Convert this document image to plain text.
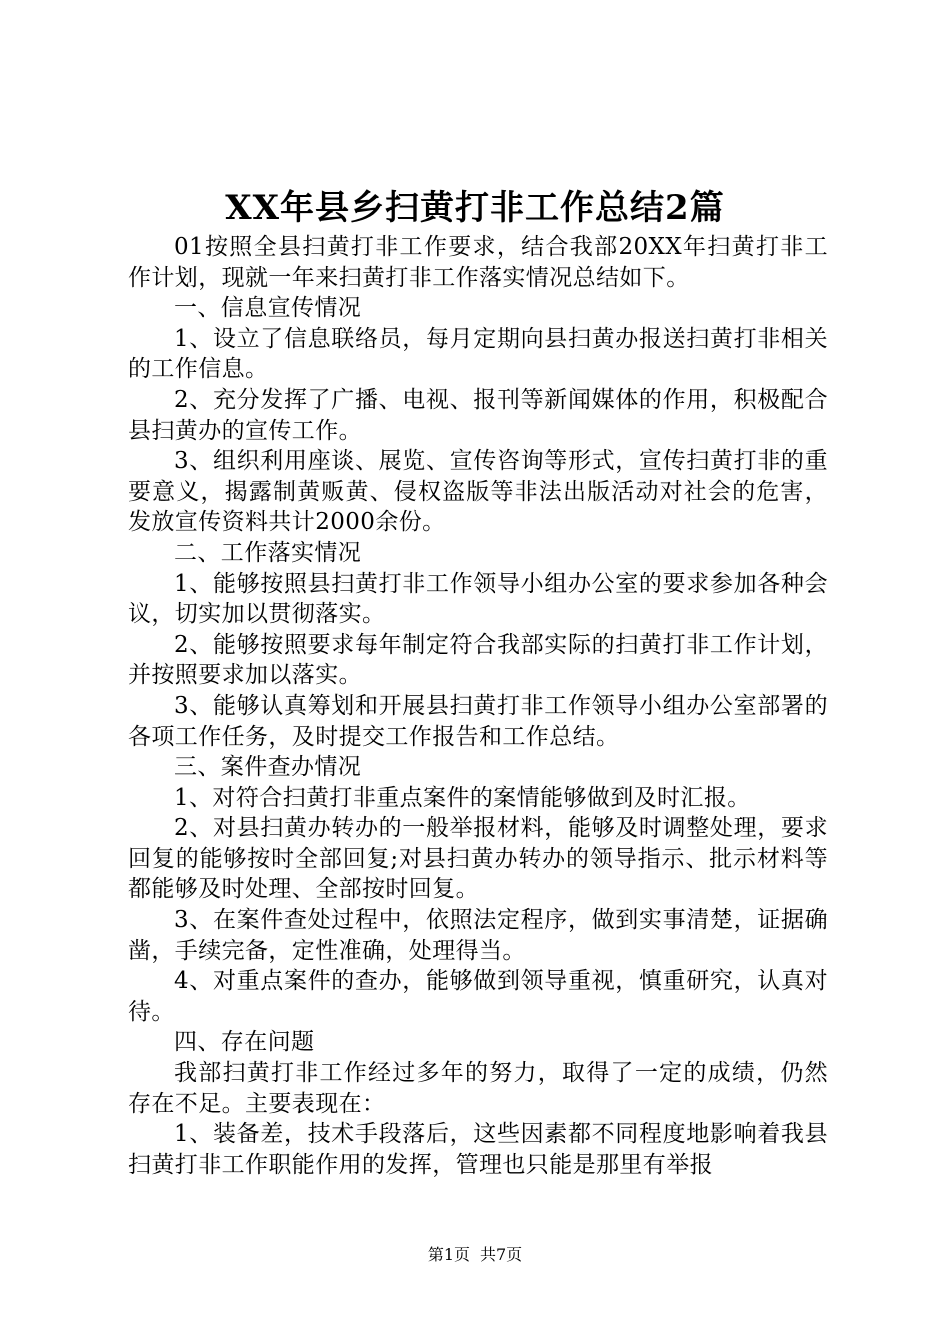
XX年县乡扫黄打非工作总结2篇

01按照全县扫黄打非工作要求，结合我部20XX年扫黄打非工作计划，现就一年来扫黄打非工作落实情况总结如下。

一、信息宣传情况

1、设立了信息联络员，每月定期向县扫黄办报送扫黄打非相关的工作信息。

2、充分发挥了广播、电视、报刊等新闻媒体的作用，积极配合县扫黄办的宣传工作。

3、组织利用座谈、展览、宣传咨询等形式，宣传扫黄打非的重要意义，揭露制黄贩黄、侵权盗版等非法出版活动对社会的危害，发放宣传资料共计2000余份。

二、工作落实情况

1、能够按照县扫黄打非工作领导小组办公室的要求参加各种会议，切实加以贯彻落实。

2、能够按照要求每年制定符合我部实际的扫黄打非工作计划，并按照要求加以落实。

3、能够认真筹划和开展县扫黄打非工作领导小组办公室部署的各项工作任务，及时提交工作报告和工作总结。

三、案件查办情况

1、对符合扫黄打非重点案件的案情能够做到及时汇报。

2、对县扫黄办转办的一般举报材料，能够及时调整处理，要求回复的能够按时全部回复;对县扫黄办转办的领导指示、批示材料等都能够及时处理、全部按时回复。

3、在案件查处过程中，依照法定程序，做到实事清楚，证据确凿，手续完备，定性准确，处理得当。

4、对重点案件的查办，能够做到领导重视，慎重研究，认真对待。

四、存在问题

我部扫黄打非工作经过多年的努力，取得了一定的成绩，仍然存在不足。主要表现在：

1、装备差，技术手段落后，这些因素都不同程度地影响着我县扫黄打非工作职能作用的发挥，管理也只能是那里有举报

第1页 共7页
